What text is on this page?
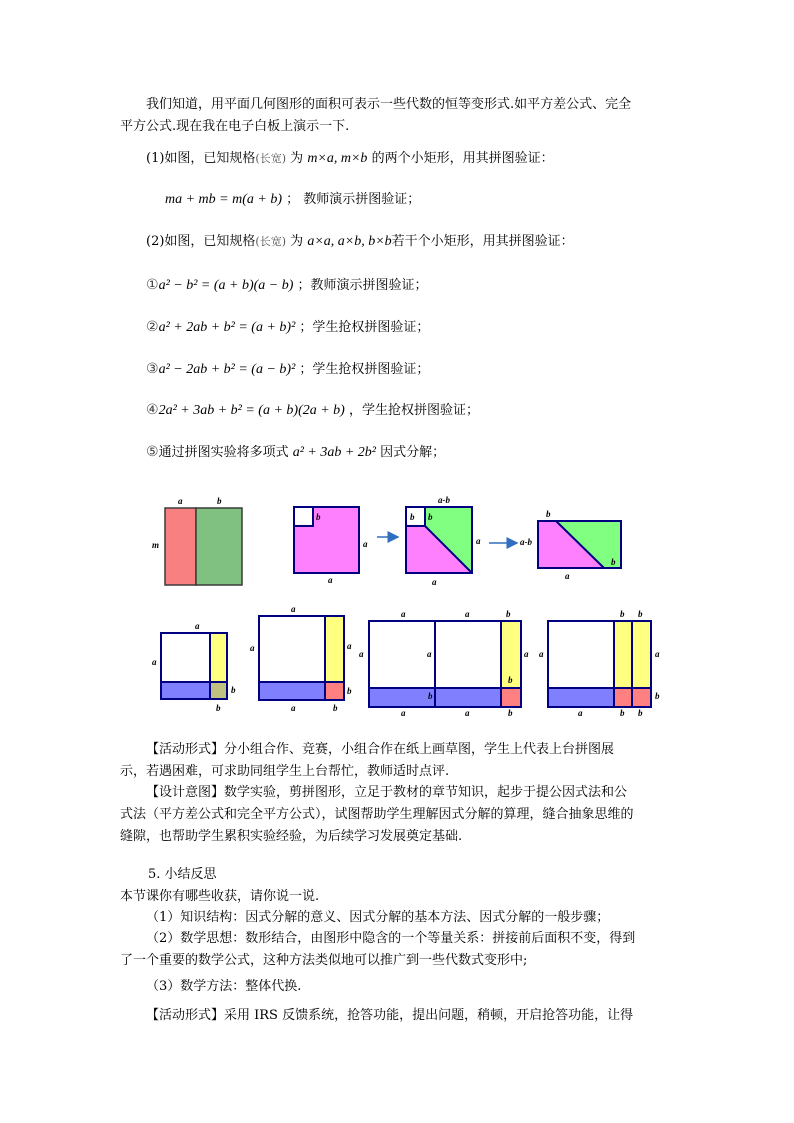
我们知道，用平面几何图形的面积可表示一些代数的恒等变形式.如平方差公式、完全
平方公式.现在我在电子白板上演示一下.
(1)如图，已知规格(长宽) 为 m×a, m×b 的两个小矩形，用其拼图验证：
ma + mb = m(a + b) ； 教师演示拼图验证；
(2)如图，已知规格(长宽) 为 a×a, a×b, b×b若干个小矩形，用其拼图验证：
①a² − b² = (a + b)(a − b) ；教师演示拼图验证；
②a² + 2ab + b² = (a + b)² ；学生抢权拼图验证；
③a² − 2ab + b² = (a − b)² ；学生抢权拼图验证；
④2a² + 3ab + b² = (a + b)(2a + b) ，学生抢权拼图验证；
⑤通过拼图实验将多项式 a² + 3ab + 2b² 因式分解；
a	b
m
b
a
a
a-b
b
b
a
a
b
a-b
b
a
a
a
b
b
a
a	a
b
a	b
a	a	b
a	a	a
b
b
a	a	b
b b
a	a
b
a	b b
【活动形式】分小组合作、竞赛，小组合作在纸上画草图，学生上代表上台拼图展
示，若遇困难，可求助同组学生上台帮忙，教师适时点评.
【设计意图】数学实验，剪拼图形，立足于教材的章节知识，起步于提公因式法和公
式法（平方差公式和完全平方公式），试图帮助学生理解因式分解的算理，缝合抽象思维的
缝隙，也帮助学生累积实验经验，为后续学习发展奠定基础.
5. 小结反思
本节课你有哪些收获，请你说一说.
（1）知识结构：因式分解的意义、因式分解的基本方法、因式分解的一般步骤；
（2）数学思想：数形结合，由图形中隐含的一个等量关系：拼接前后面积不变，得到
了一个重要的数学公式，这种方法类似地可以推广到一些代数式变形中;
（3）数学方法：整体代换.
【活动形式】采用 IRS 反馈系统，抢答功能，提出问题，稍顿，开启抢答功能，让得
